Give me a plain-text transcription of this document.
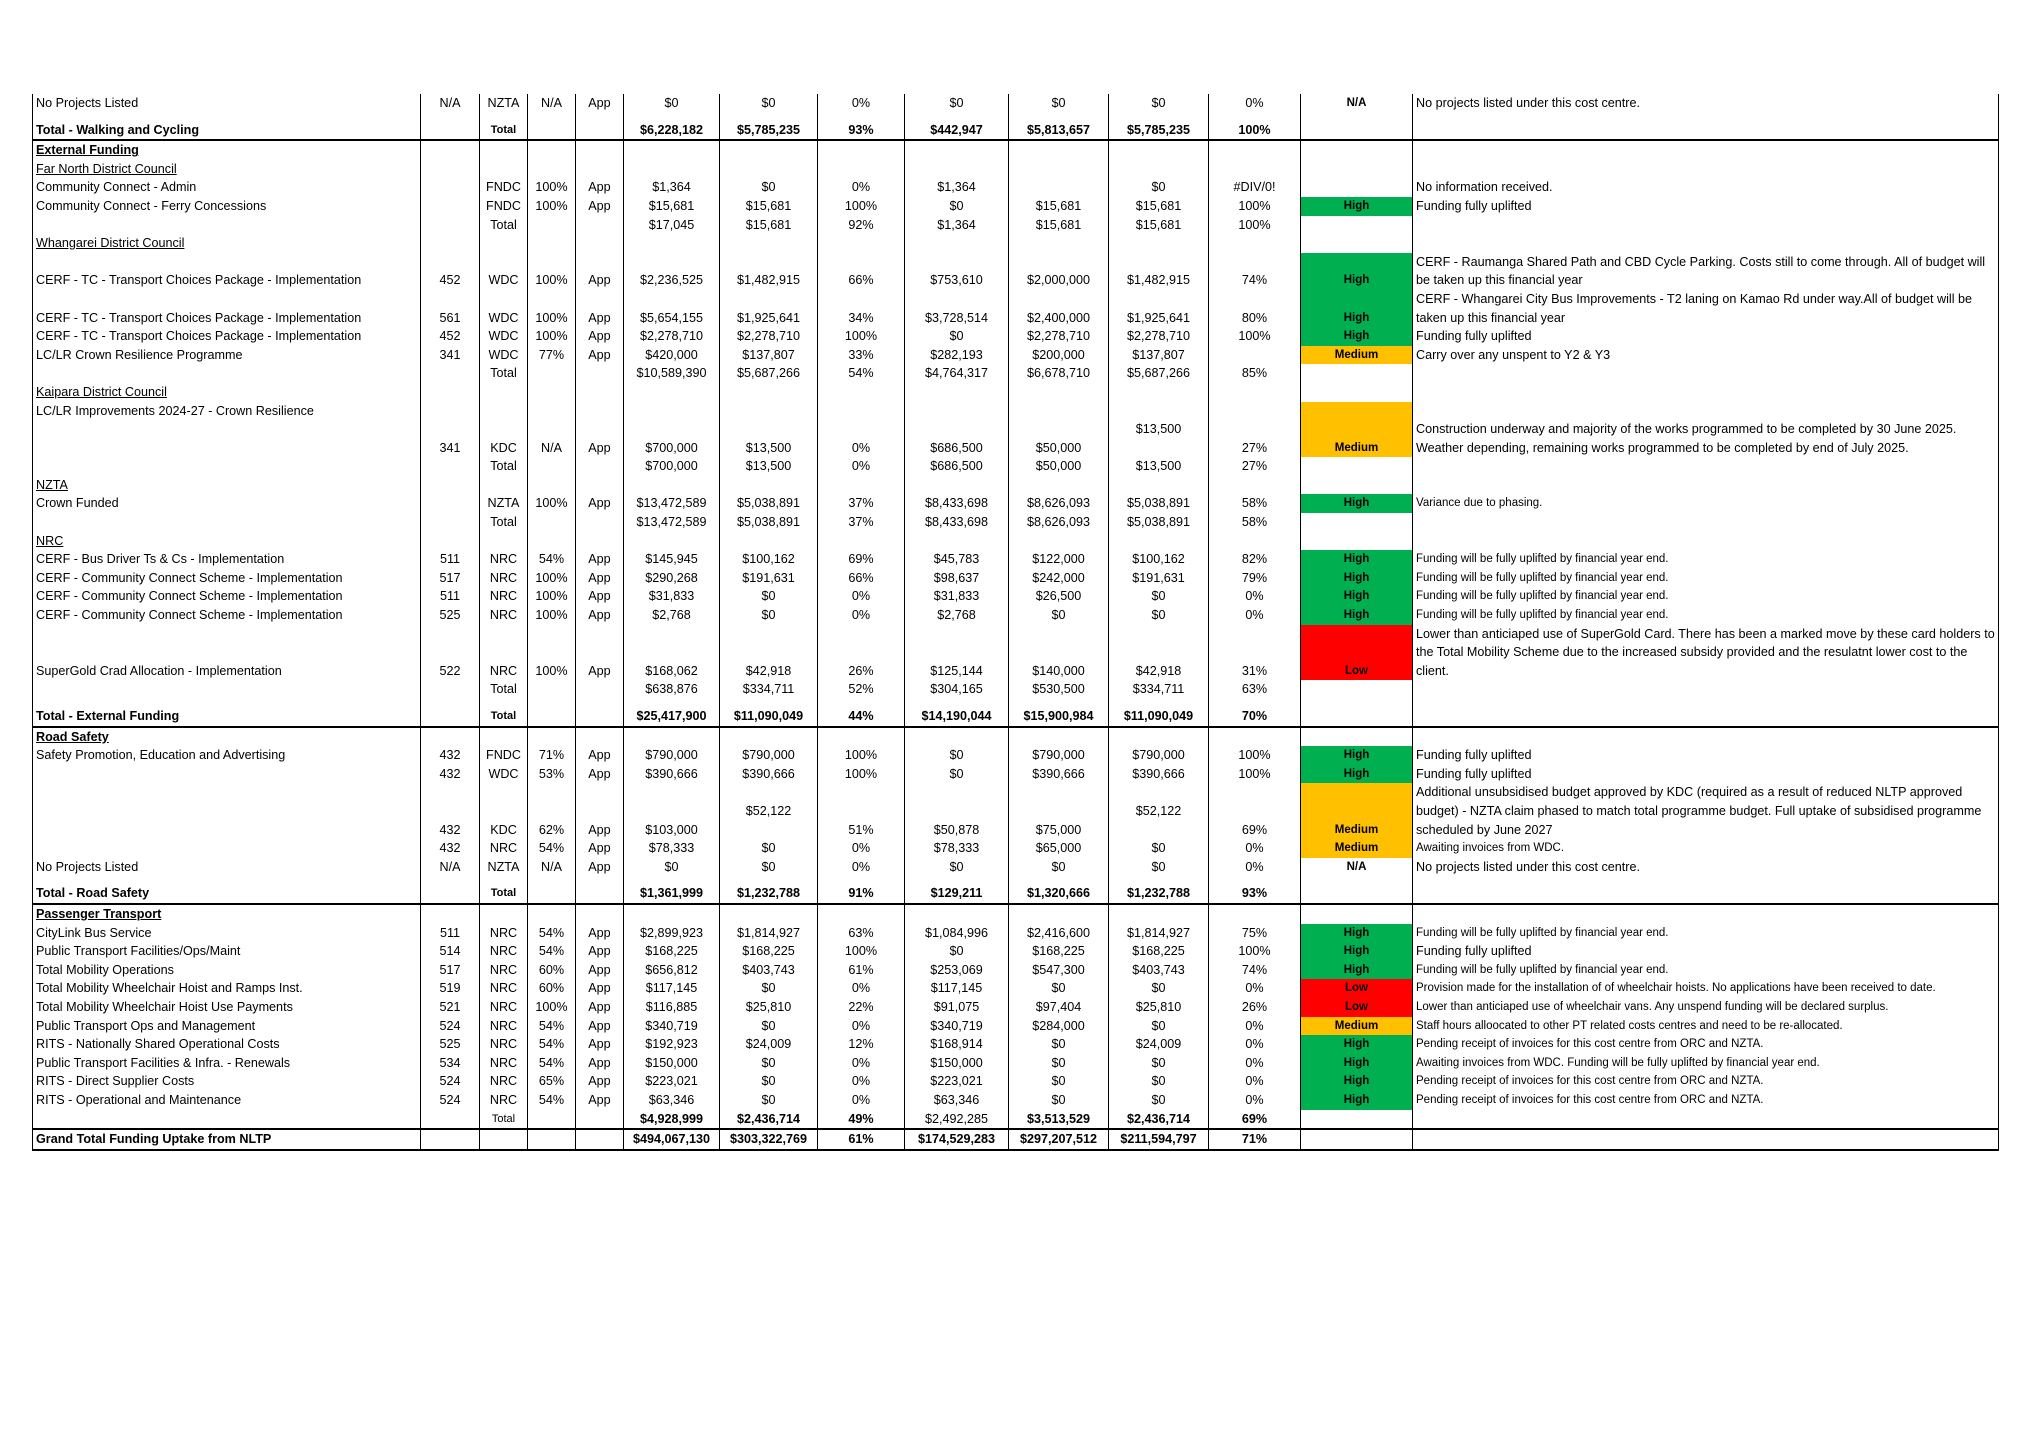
No Projects Listed	N/A	NZTA	N/A	App	$0	$0	0%	$0	$0	$0	0%	N/A	No projects listed under this cost centre.

Total - Walking and Cycling		Total			$6,228,182	$5,785,235	93%	$442,947	$5,813,657	$5,785,235	100%		
External Funding													
Far North District Council													
Community Connect - Admin		FNDC	100%	App	$1,364	$0	0%	$1,364		$0	#DIV/0!		No information received.
Community Connect - Ferry Concessions		FNDC	100%	App	$15,681	$15,681	100%	$0	$15,681	$15,681	100%	High	Funding fully uplifted
		Total			$17,045	$15,681	92%	$1,364	$15,681	$15,681	100%		
Whangarei District Council													
CERF - TC - Transport Choices Package - Implementation	452	WDC	100%	App	$2,236,525	$1,482,915	66%	$753,610	$2,000,000	$1,482,915	74%	High	CERF - Raumanga Shared Path and CBD Cycle Parking. Costs still to come through. All of budget will be taken up this financial year
CERF - TC - Transport Choices Package - Implementation	561	WDC	100%	App	$5,654,155	$1,925,641	34%	$3,728,514	$2,400,000	$1,925,641	80%	High	CERF - Whangarei City Bus Improvements - T2 laning on Kamao Rd under way.All of budget will be taken up this financial year
CERF - TC - Transport Choices Package - Implementation	452	WDC	100%	App	$2,278,710	$2,278,710	100%	$0	$2,278,710	$2,278,710	100%	High	Funding fully uplifted
LC/LR Crown Resilience Programme	341	WDC	77%	App	$420,000	$137,807	33%	$282,193	$200,000	$137,807		Medium	Carry over any unspent to Y2 & Y3
		Total			$10,589,390	$5,687,266	54%	$4,764,317	$6,678,710	$5,687,266	85%		
Kaipara District Council													
LC/LR Improvements 2024-27 - Crown Resilience	341	KDC	N/A	App	$700,000	$13,500	0%	$686,500	$50,000	$13,500	27%	Medium	Construction underway and majority of the works programmed to be completed by 30 June 2025. Weather depending, remaining works programmed to be completed by end of July 2025.
		Total			$700,000	$13,500	0%	$686,500	$50,000	$13,500	27%		
NZTA													
Crown Funded		NZTA	100%	App	$13,472,589	$5,038,891	37%	$8,433,698	$8,626,093	$5,038,891	58%	High	Variance due to phasing.
		Total			$13,472,589	$5,038,891	37%	$8,433,698	$8,626,093	$5,038,891	58%		
NRC													
CERF - Bus Driver Ts & Cs - Implementation	511	NRC	54%	App	$145,945	$100,162	69%	$45,783	$122,000	$100,162	82%	High	Funding will be fully uplifted by financial year end.
CERF - Community Connect Scheme - Implementation	517	NRC	100%	App	$290,268	$191,631	66%	$98,637	$242,000	$191,631	79%	High	Funding will be fully uplifted by financial year end.
CERF - Community Connect Scheme - Implementation	511	NRC	100%	App	$31,833	$0	0%	$31,833	$26,500	$0	0%	High	Funding will be fully uplifted by financial year end.
CERF - Community Connect Scheme - Implementation	525	NRC	100%	App	$2,768	$0	0%	$2,768	$0	$0	0%	High	Funding will be fully uplifted by financial year end.
SuperGold Crad Allocation - Implementation	522	NRC	100%	App	$168,062	$42,918	26%	$125,144	$140,000	$42,918	31%	Low	Lower than anticiaped use of SuperGold Card. There has been a marked move by these card holders to the Total Mobility Scheme due to the increased subsidy provided and the resulatnt lower cost to the client.
		Total			$638,876	$334,711	52%	$304,165	$530,500	$334,711	63%		

Total - External Funding		Total			$25,417,900	$11,090,049	44%	$14,190,044	$15,900,984	$11,090,049	70%		
Road Safety													
Safety Promotion, Education and Advertising	432	FNDC	71%	App	$790,000	$790,000	100%	$0	$790,000	$790,000	100%	High	Funding fully uplifted
	432	WDC	53%	App	$390,666	$390,666	100%	$0	$390,666	$390,666	100%	High	Funding fully uplifted
	432	KDC	62%	App	$103,000	$52,122	51%	$50,878	$75,000	$52,122	69%	Medium	Additional unsubsidised budget approved by KDC (required as a result of reduced NLTP approved budget) - NZTA claim phased to match total programme budget. Full uptake of subsidised programme scheduled by June 2027
	432	NRC	54%	App	$78,333	$0	0%	$78,333	$65,000	$0	0%	Medium	Awaiting invoices from WDC.
No Projects Listed	N/A	NZTA	N/A	App	$0	$0	0%	$0	$0	$0	0%	N/A	No projects listed under this cost centre.

Total - Road Safety		Total			$1,361,999	$1,232,788	91%	$129,211	$1,320,666	$1,232,788	93%		
Passenger Transport													
CityLink Bus Service	511	NRC	54%	App	$2,899,923	$1,814,927	63%	$1,084,996	$2,416,600	$1,814,927	75%	High	Funding will be fully uplifted by financial year end.
Public Transport Facilities/Ops/Maint	514	NRC	54%	App	$168,225	$168,225	100%	$0	$168,225	$168,225	100%	High	Funding fully uplifted
Total Mobility Operations	517	NRC	60%	App	$656,812	$403,743	61%	$253,069	$547,300	$403,743	74%	High	Funding will be fully uplifted by financial year end.
Total Mobility Wheelchair Hoist and Ramps Inst.	519	NRC	60%	App	$117,145	$0	0%	$117,145	$0	$0	0%	Low	Provision made for the installation of of wheelchair hoists. No applications have been received to date.
Total Mobility Wheelchair Hoist Use Payments	521	NRC	100%	App	$116,885	$25,810	22%	$91,075	$97,404	$25,810	26%	Low	Lower than anticiaped use of wheelchair vans. Any unspend funding will be declared surplus.
Public Transport Ops and Management	524	NRC	54%	App	$340,719	$0	0%	$340,719	$284,000	$0	0%	Medium	Staff hours alloocated to other PT related costs centres and need to be re-allocated.
RITS - Nationally Shared Operational Costs	525	NRC	54%	App	$192,923	$24,009	12%	$168,914	$0	$24,009	0%	High	Pending receipt of invoices for this cost centre from ORC and NZTA.
Public Transport Facilities & Infra. - Renewals	534	NRC	54%	App	$150,000	$0	0%	$150,000	$0	$0	0%	High	Awaiting invoices from WDC. Funding will be fully uplifted by financial year end.
RITS - Direct Supplier Costs	524	NRC	65%	App	$223,021	$0	0%	$223,021	$0	$0	0%	High	Pending receipt of invoices for this cost centre from ORC and NZTA.
RITS - Operational and Maintenance	524	NRC	54%	App	$63,346	$0	0%	$63,346	$0	$0	0%	High	Pending receipt of invoices for this cost centre from ORC and NZTA.
		Total			$4,928,999	$2,436,714	49%	$2,492,285	$3,513,529	$2,436,714	69%		
Grand Total Funding Uptake from NLTP					$494,067,130	$303,322,769	61%	$174,529,283	$297,207,512	$211,594,797	71%		
